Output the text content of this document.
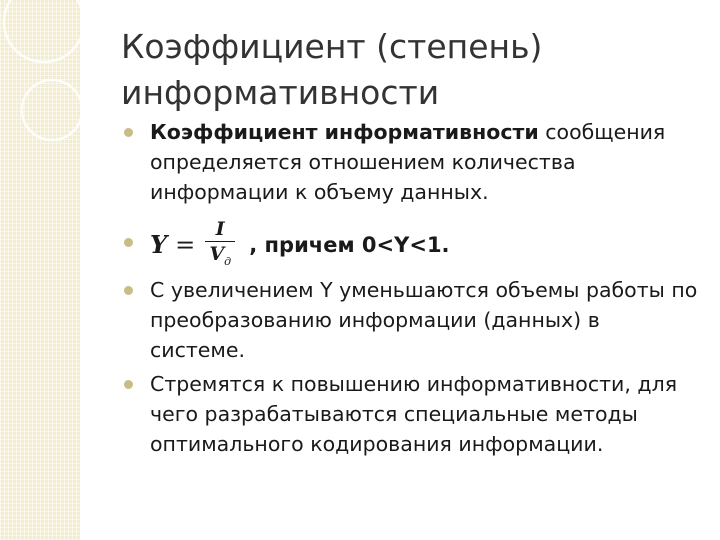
Коэффициент (степень) информативности
Коэффициент информативности сообщения определяется отношением количества информации к объему данных.
$Y = \frac{I}{V_д}$ , причем 0<Y<1.
С увеличением Y уменьшаются объемы работы по преобразованию информации (данных) в системе.
Стремятся к повышению информативности, для чего разрабатываются специальные методы оптимального кодирования информации.
